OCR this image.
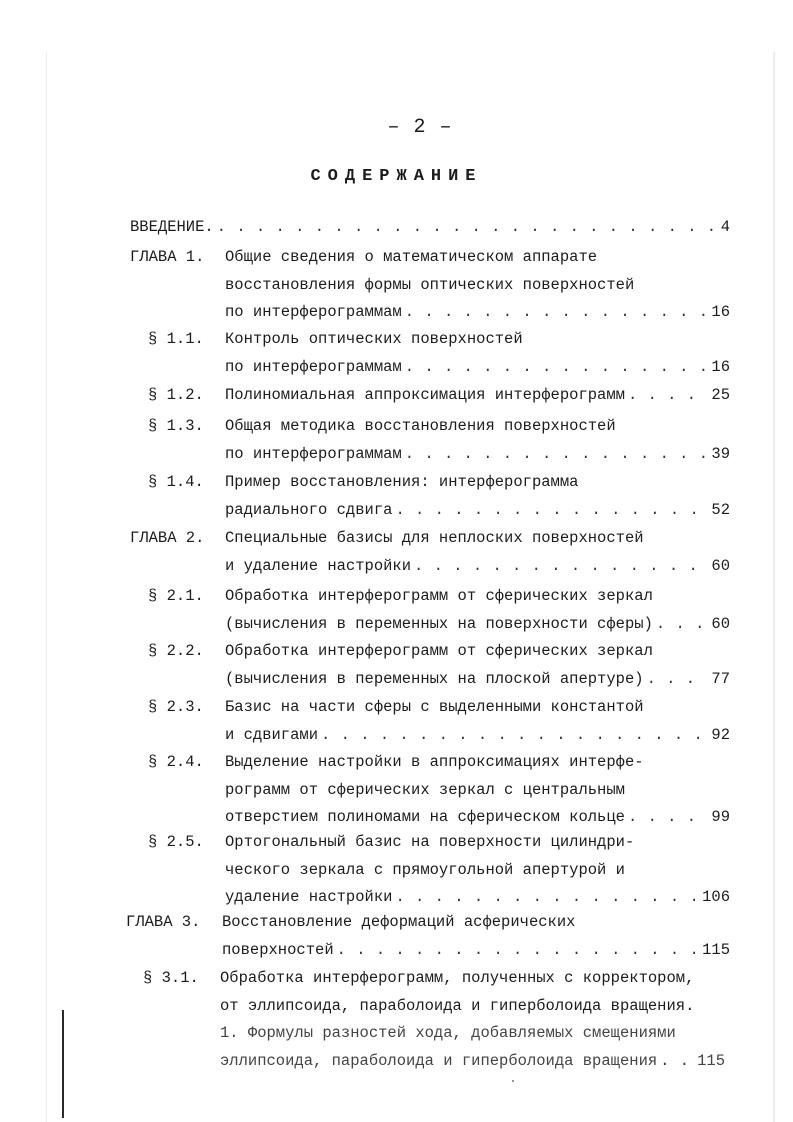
– 2 –
СОДЕРЖАНИЕ
ВВЕДЕНИЕ. . . .	4
ГЛАВА 1. Общие сведения о математическом аппарате
восстановления формы оптических поверхностей
по интерферограммам . . .	16
§ 1.1. Контроль оптических поверхностей
по интерферограммам . . .	16
§ 1.2. Полиномиальная аппроксимация интерферограмм . . .	25
§ 1.3. Общая методика восстановления поверхностей
по интерферограммам . . .	39
§ 1.4. Пример восстановления: интерферограмма
радиального сдвига . . .	52
ГЛАВА 2. Специальные базисы для неплоских поверхностей
и удаление настройки . . .	60
§ 2.1. Обработка интерферограмм от сферических зеркал
(вычисления в переменных на поверхности сферы) . . .	60
§ 2.2. Обработка интерферограмм от сферических зеркал
(вычисления в переменных на плоской апертуре) . . .	77
§ 2.3. Базис на части сферы с выделенными константой
и сдвигами . . .	92
§ 2.4. Выделение настройки в аппроксимациях интерфе-
рограмм от сферических зеркал с центральным
отверстием полиномами на сферическом кольце . . .	99
§ 2.5. Ортогональный базис на поверхности цилиндри-
ческого зеркала с прямоугольной апертурой и
удаление настройки . . .	106
ГЛАВА 3. Восстановление деформаций асферических
поверхностей . . .	115
§ 3.1. Обработка интерферограмм, полученных с корректором,
от эллипсоида, параболоида и гиперболоида вращения.
1. Формулы разностей хода, добавляемых смещениями
эллипсоида, параболоида и гиперболоида вращения . . .	115
